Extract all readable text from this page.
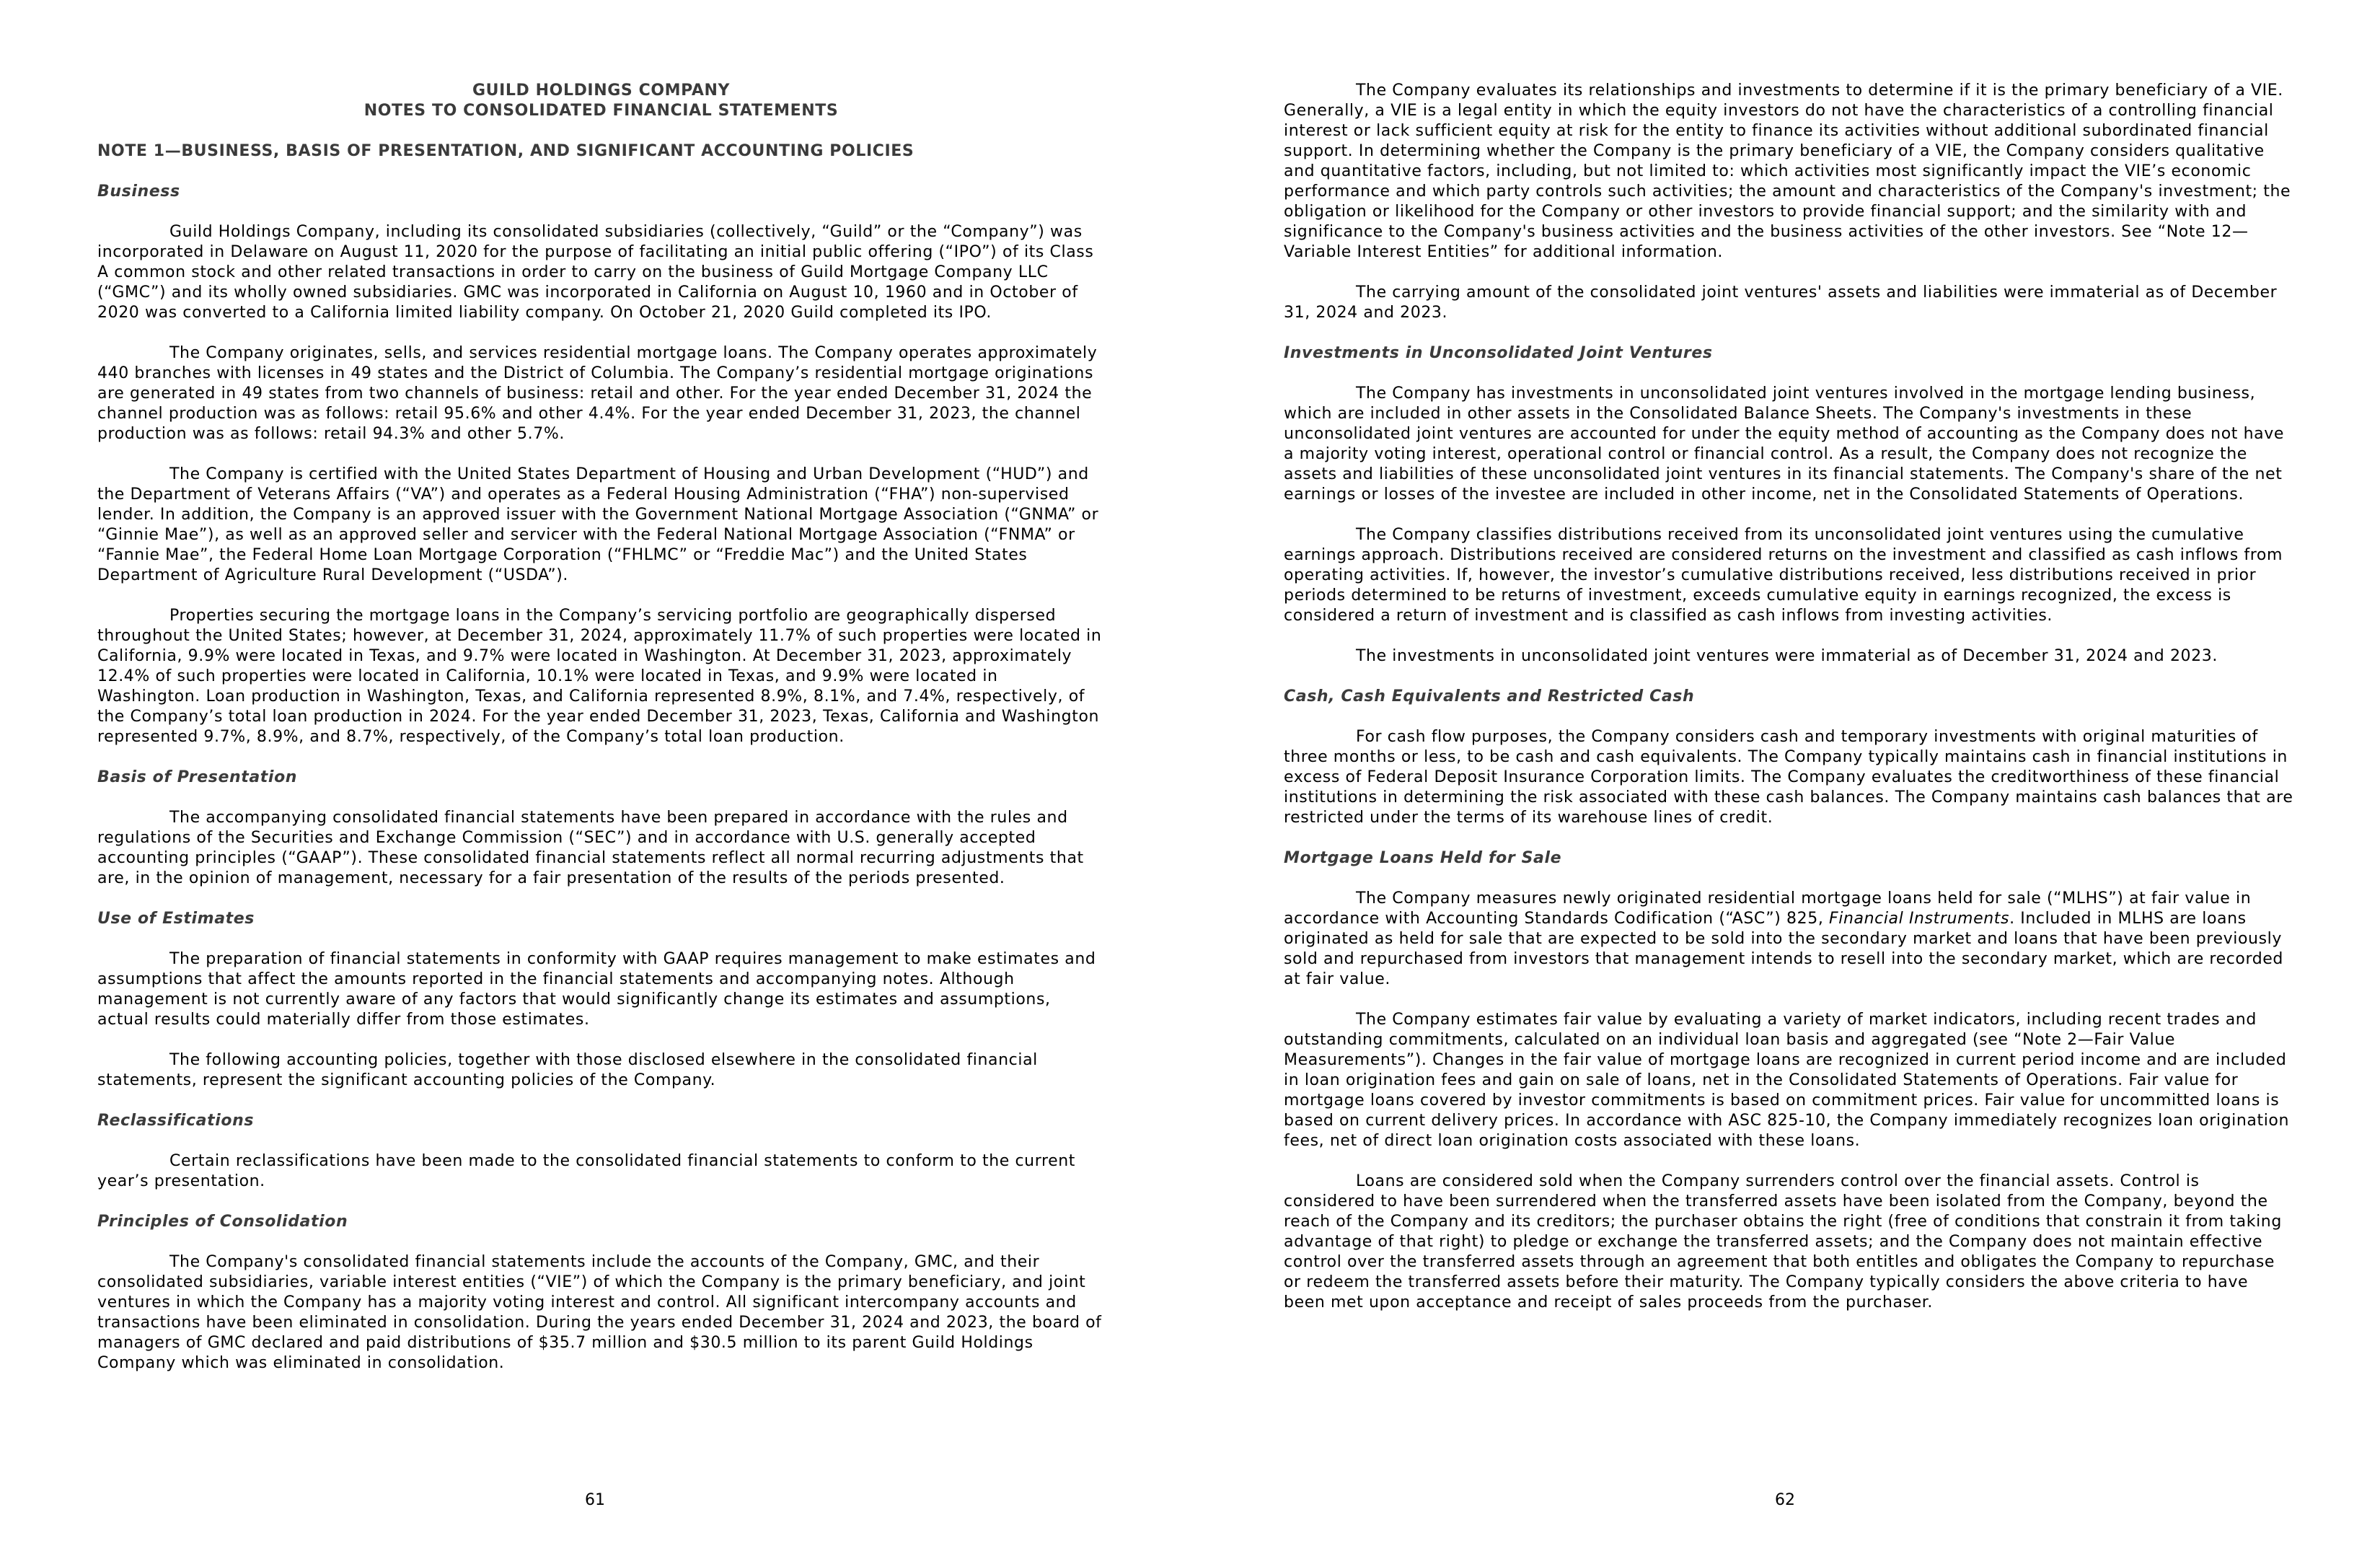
GUILD HOLDINGS COMPANY
NOTES TO CONSOLIDATED FINANCIAL STATEMENTS
NOTE 1—BUSINESS, BASIS OF PRESENTATION, AND SIGNIFICANT ACCOUNTING POLICIES
Business

Guild Holdings Company, including its consolidated subsidiaries (collectively, “Guild” or the “Company”) was incorporated in Delaware on August 11, 2020 for the purpose of facilitating an initial public offering (“IPO”) of its Class A common stock and other related transactions in order to carry on the business of Guild Mortgage Company LLC (“GMC”) and its wholly owned subsidiaries. GMC was incorporated in California on August 10, 1960 and in October of 2020 was converted to a California limited liability company. On October 21, 2020 Guild completed its IPO.

The Company originates, sells, and services residential mortgage loans. The Company operates approximately 440 branches with licenses in 49 states and the District of Columbia. The Company’s residential mortgage originations are generated in 49 states from two channels of business: retail and other. For the year ended December 31, 2024 the channel production was as follows: retail 95.6% and other 4.4%. For the year ended December 31, 2023, the channel production was as follows: retail 94.3% and other 5.7%.

The Company is certified with the United States Department of Housing and Urban Development (“HUD”) and the Department of Veterans Affairs (“VA”) and operates as a Federal Housing Administration (“FHA”) non-supervised lender. In addition, the Company is an approved issuer with the Government National Mortgage Association (“GNMA” or “Ginnie Mae”), as well as an approved seller and servicer with the Federal National Mortgage Association (“FNMA” or “Fannie Mae”, the Federal Home Loan Mortgage Corporation (“FHLMC” or “Freddie Mac”) and the United States Department of Agriculture Rural Development (“USDA”).

Properties securing the mortgage loans in the Company’s servicing portfolio are geographically dispersed throughout the United States; however, at December 31, 2024, approximately 11.7% of such properties were located in California, 9.9% were located in Texas, and 9.7% were located in Washington. At December 31, 2023, approximately 12.4% of such properties were located in California, 10.1% were located in Texas, and 9.9% were located in Washington. Loan production in Washington, Texas, and California represented 8.9%, 8.1%, and 7.4%, respectively, of the Company’s total loan production in 2024. For the year ended December 31, 2023, Texas, California and Washington represented 9.7%, 8.9%, and 8.7%, respectively, of the Company’s total loan production.

Basis of Presentation

The accompanying consolidated financial statements have been prepared in accordance with the rules and regulations of the Securities and Exchange Commission (“SEC”) and in accordance with U.S. generally accepted accounting principles (“GAAP”). These consolidated financial statements reflect all normal recurring adjustments that are, in the opinion of management, necessary for a fair presentation of the results of the periods presented.

Use of Estimates

The preparation of financial statements in conformity with GAAP requires management to make estimates and assumptions that affect the amounts reported in the financial statements and accompanying notes. Although management is not currently aware of any factors that would significantly change its estimates and assumptions, actual results could materially differ from those estimates.

The following accounting policies, together with those disclosed elsewhere in the consolidated financial statements, represent the significant accounting policies of the Company.

Reclassifications

Certain reclassifications have been made to the consolidated financial statements to conform to the current year’s presentation.

Principles of Consolidation

The Company's consolidated financial statements include the accounts of the Company, GMC, and their consolidated subsidiaries, variable interest entities (“VIE”) of which the Company is the primary beneficiary, and joint ventures in which the Company has a majority voting interest and control. All significant intercompany accounts and transactions have been eliminated in consolidation. During the years ended December 31, 2024 and 2023, the board of managers of GMC declared and paid distributions of $35.7 million and $30.5 million to its parent Guild Holdings Company which was eliminated in consolidation.

61

The Company evaluates its relationships and investments to determine if it is the primary beneficiary of a VIE. Generally, a VIE is a legal entity in which the equity investors do not have the characteristics of a controlling financial interest or lack sufficient equity at risk for the entity to finance its activities without additional subordinated financial support. In determining whether the Company is the primary beneficiary of a VIE, the Company considers qualitative and quantitative factors, including, but not limited to: which activities most significantly impact the VIE’s economic performance and which party controls such activities; the amount and characteristics of the Company's investment; the obligation or likelihood for the Company or other investors to provide financial support; and the similarity with and significance to the Company's business activities and the business activities of the other investors. See “Note 12—Variable Interest Entities” for additional information.

The carrying amount of the consolidated joint ventures' assets and liabilities were immaterial as of December 31, 2024 and 2023.

Investments in Unconsolidated Joint Ventures

The Company has investments in unconsolidated joint ventures involved in the mortgage lending business, which are included in other assets in the Consolidated Balance Sheets. The Company's investments in these unconsolidated joint ventures are accounted for under the equity method of accounting as the Company does not have a majority voting interest, operational control or financial control. As a result, the Company does not recognize the assets and liabilities of these unconsolidated joint ventures in its financial statements. The Company's share of the net earnings or losses of the investee are included in other income, net in the Consolidated Statements of Operations.

The Company classifies distributions received from its unconsolidated joint ventures using the cumulative earnings approach. Distributions received are considered returns on the investment and classified as cash inflows from operating activities. If, however, the investor’s cumulative distributions received, less distributions received in prior periods determined to be returns of investment, exceeds cumulative equity in earnings recognized, the excess is considered a return of investment and is classified as cash inflows from investing activities.

The investments in unconsolidated joint ventures were immaterial as of December 31, 2024 and 2023.

Cash, Cash Equivalents and Restricted Cash

For cash flow purposes, the Company considers cash and temporary investments with original maturities of three months or less, to be cash and cash equivalents. The Company typically maintains cash in financial institutions in excess of Federal Deposit Insurance Corporation limits. The Company evaluates the creditworthiness of these financial institutions in determining the risk associated with these cash balances. The Company maintains cash balances that are restricted under the terms of its warehouse lines of credit.

Mortgage Loans Held for Sale

The Company measures newly originated residential mortgage loans held for sale (“MLHS”) at fair value in accordance with Accounting Standards Codification (“ASC”) 825, Financial Instruments. Included in MLHS are loans originated as held for sale that are expected to be sold into the secondary market and loans that have been previously sold and repurchased from investors that management intends to resell into the secondary market, which are recorded at fair value.

The Company estimates fair value by evaluating a variety of market indicators, including recent trades and outstanding commitments, calculated on an individual loan basis and aggregated (see “Note 2—Fair Value Measurements”). Changes in the fair value of mortgage loans are recognized in current period income and are included in loan origination fees and gain on sale of loans, net in the Consolidated Statements of Operations. Fair value for mortgage loans covered by investor commitments is based on commitment prices. Fair value for uncommitted loans is based on current delivery prices. In accordance with ASC 825-10, the Company immediately recognizes loan origination fees, net of direct loan origination costs associated with these loans.

Loans are considered sold when the Company surrenders control over the financial assets. Control is considered to have been surrendered when the transferred assets have been isolated from the Company, beyond the reach of the Company and its creditors; the purchaser obtains the right (free of conditions that constrain it from taking advantage of that right) to pledge or exchange the transferred assets; and the Company does not maintain effective control over the transferred assets through an agreement that both entitles and obligates the Company to repurchase or redeem the transferred assets before their maturity. The Company typically considers the above criteria to have been met upon acceptance and receipt of sales proceeds from the purchaser.

62
